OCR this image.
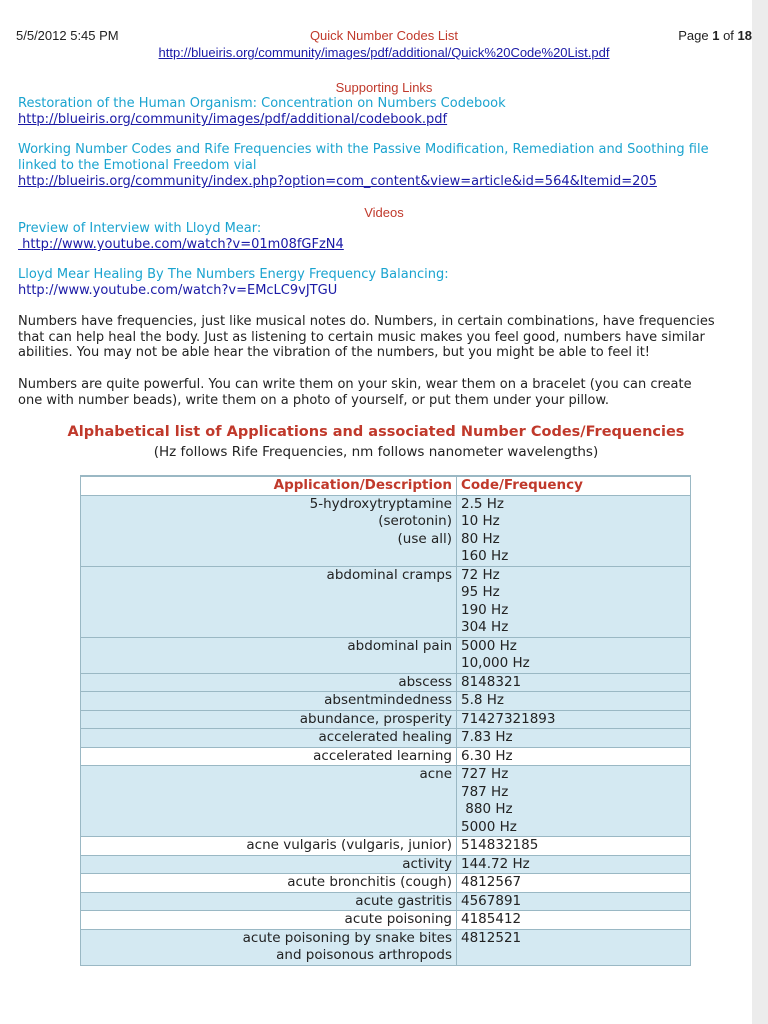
5/5/2012 5:45 PM	Quick Number Codes List	Page 1 of 18
http://blueiris.org/community/images/pdf/additional/Quick%20Code%20List.pdf
Supporting Links
Restoration of the Human Organism: Concentration on Numbers Codebook
http://blueiris.org/community/images/pdf/additional/codebook.pdf
Working Number Codes and Rife Frequencies with the Passive Modification, Remediation and Soothing file
linked to the Emotional Freedom vial
http://blueiris.org/community/index.php?option=com_content&view=article&id=564&Itemid=205
Videos
Preview of Interview with Lloyd Mear:
http://www.youtube.com/watch?v=01m08fGFzN4
Lloyd Mear Healing By The Numbers Energy Frequency Balancing:
http://www.youtube.com/watch?v=EMcLC9vJTGU
Numbers have frequencies, just like musical notes do. Numbers, in certain combinations, have frequencies
that can help heal the body. Just as listening to certain music makes you feel good, numbers have similar
abilities. You may not be able hear the vibration of the numbers, but you might be able to feel it!
Numbers are quite powerful. You can write them on your skin, wear them on a bracelet (you can create
one with number beads), write them on a photo of yourself, or put them under your pillow.
Alphabetical list of Applications and associated Number Codes/Frequencies
(Hz follows Rife Frequencies, nm follows nanometer wavelengths)
Application/Description	Code/Frequency

5-hydroxytryptamine
(serotonin)
(use all)	2.5 Hz
10 Hz
80 Hz
160 Hz

abdominal cramps	72 Hz
95 Hz
190 Hz
304 Hz

abdominal pain	5000 Hz
10,000 Hz

abscess	8148321

absentmindedness	5.8 Hz

abundance, prosperity	71427321893

accelerated healing	7.83 Hz

accelerated learning	6.30 Hz

acne	727 Hz
787 Hz
880 Hz
5000 Hz

acne vulgaris (vulgaris, junior)	514832185

activity	144.72 Hz

acute bronchitis (cough)	4812567

acute gastritis	4567891

acute poisoning	4185412

acute poisoning by snake bites
and poisonous arthropods	4812521
